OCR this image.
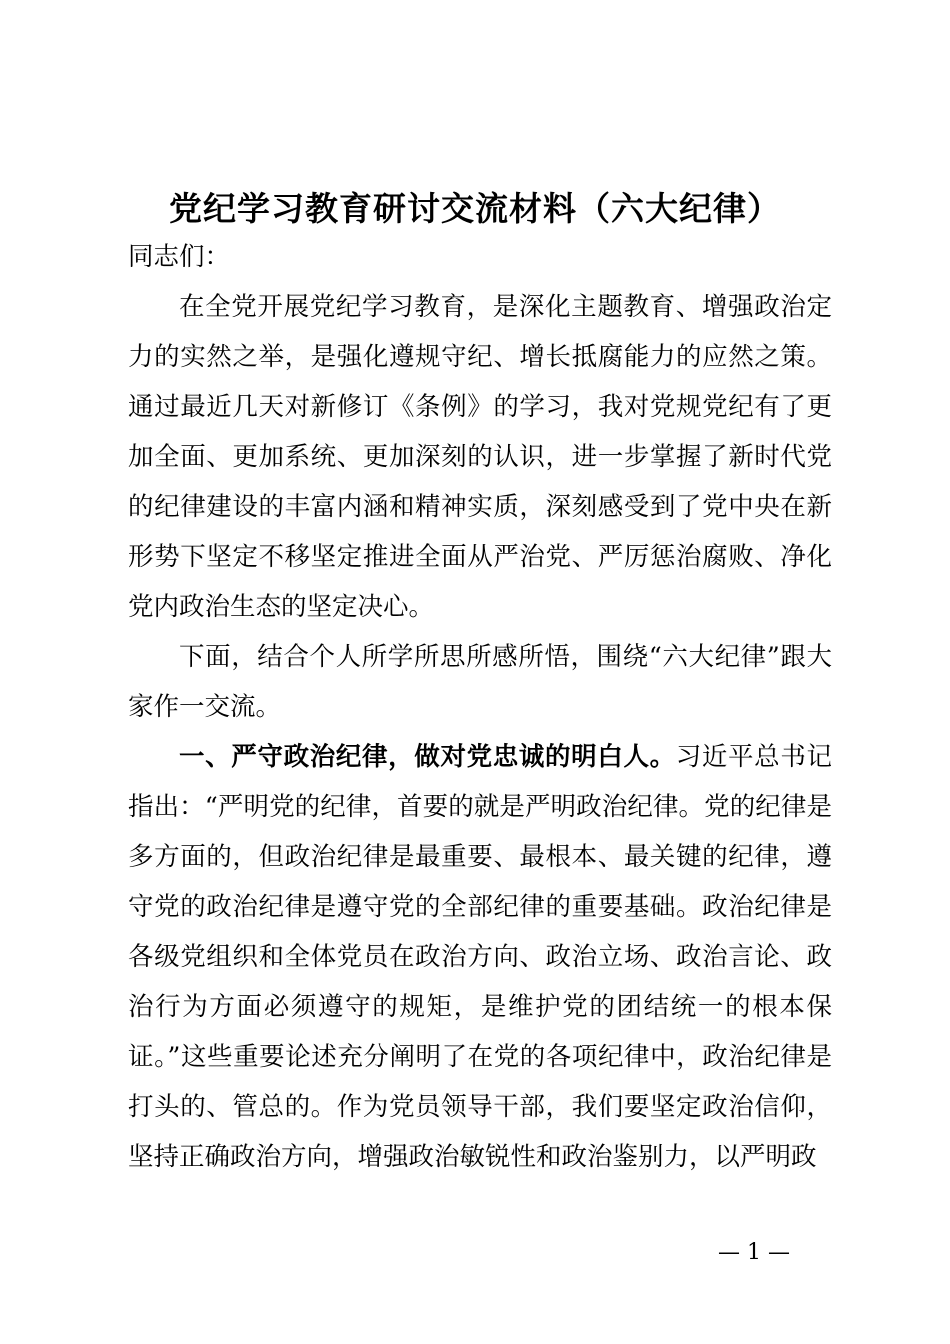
党纪学习教育研讨交流材料（六大纪律）

同志们：

在全党开展党纪学习教育，是深化主题教育、增强政治定力的实然之举，是强化遵规守纪、增长抵腐能力的应然之策。通过最近几天对新修订《条例》的学习，我对党规党纪有了更加全面、更加系统、更加深刻的认识，进一步掌握了新时代党的纪律建设的丰富内涵和精神实质，深刻感受到了党中央在新形势下坚定不移坚定推进全面从严治党、严厉惩治腐败、净化党内政治生态的坚定决心。

下面，结合个人所学所思所感所悟，围绕“六大纪律”跟大家作一交流。

一、严守政治纪律，做对党忠诚的明白人。习近平总书记指出：“严明党的纪律，首要的就是严明政治纪律。党的纪律是多方面的，但政治纪律是最重要、最根本、最关键的纪律，遵守党的政治纪律是遵守党的全部纪律的重要基础。政治纪律是各级党组织和全体党员在政治方向、政治立场、政治言论、政治行为方面必须遵守的规矩，是维护党的团结统一的根本保证。”这些重要论述充分阐明了在党的各项纪律中，政治纪律是打头的、管总的。作为党员领导干部，我们要坚定政治信仰，坚持正确政治方向，增强政治敏锐性和政治鉴别力，以严明政

— 1 —
